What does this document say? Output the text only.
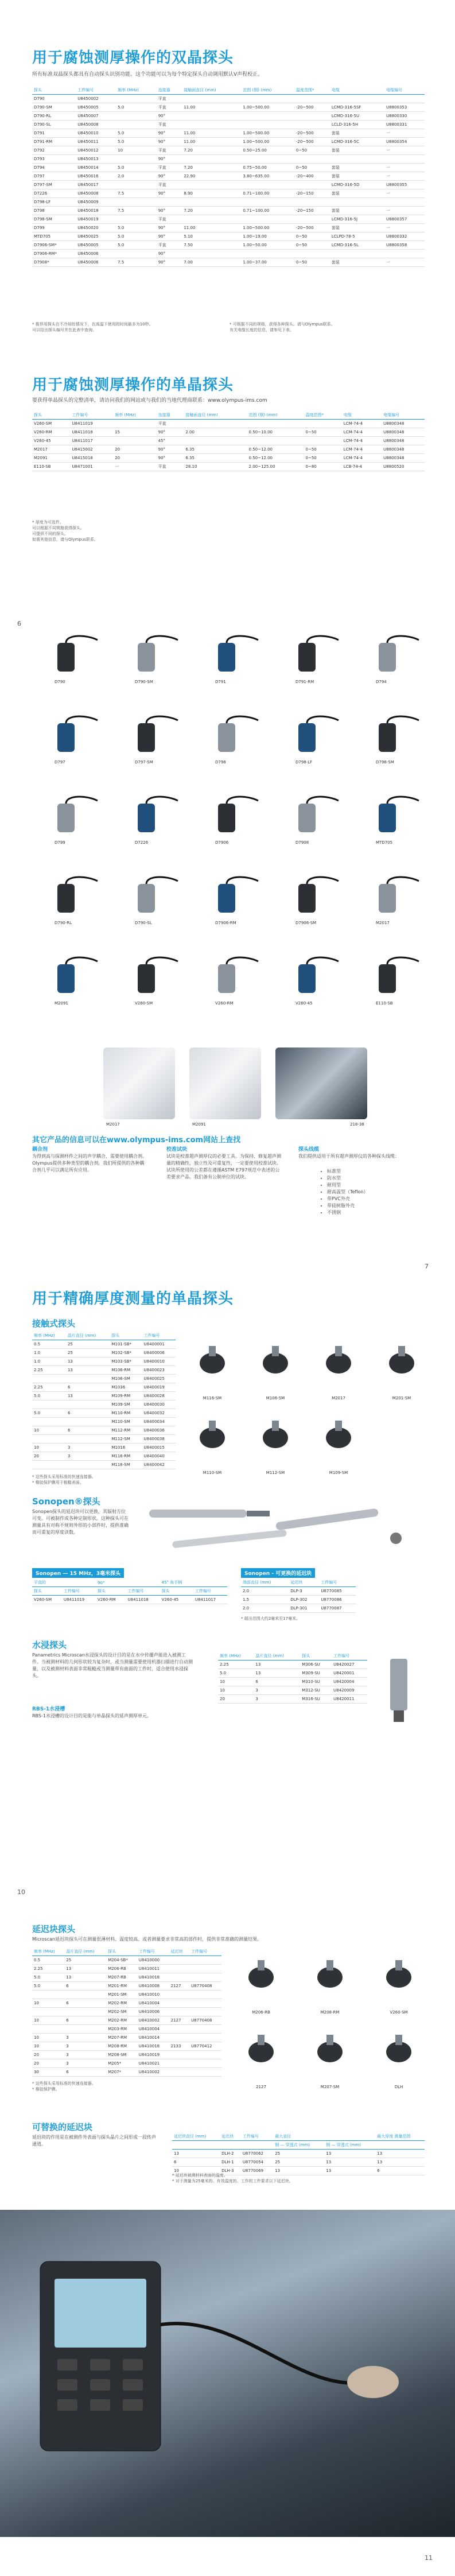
用于腐蚀测厚操作的双晶探头
所有标准双晶探头都具有自动探头识别功能。这个功能可以为每个特定探头自动调用默认V声程校正。
探头	工件编号	频率 (MHz)	连接器	接触面直径 (mm)	范围 (钢) (mm)	温度范围*	电缆	电缆编号
D790	U8450002		平直					
D790-SM	U8450005	5.0	平直	11.00	1.00~500.00	-20~500	LCMD-316-5SF	U8800353
D790-RL	U8450007		90°				LCMD-316-5U	U8800330
D790-SL	U8450008		平直				LCLD-316-5H	U8800331
D791	U8450010	5.0	90°	11.00	1.00~500.00	-20~500	套装	一
D791-RM	U8450011	5.0	90°	11.00	1.00~500.00	-20~500	LCMD-316-5C	U8800354
D792	U8450012	10	平直	7.20	0.50~25.00	0~50	套装	一
D793	U8450013		90°					
D794	U8450014	5.0	平直	7.20	0.75~50.00	0~50	套装	一
D797	U8450016	2.0	90°	22.90	3.80~635.00	-20~400	套装	一
D797-SM	U8450017		平直				LCMD-316-5D	U8800355
D7226	U8450008	7.5	90°	8.90	0.71~100.00	-20~150	套装	一
D798-LF	U8450009							
D798	U8450018	7.5	90°	7.20	0.71~100.00	-20~150	套装	一
D798-SM	U8450019		平直				LCMD-316-5J	U8800357
D799	U8450020	5.0	90°	11.00	1.00~500.00	-20~500	套装	一
MTD705	U8450025	5.0	90°	5.10	1.00~19.00	0~50	LCLPD-78-5	U8800332
D7906-SM*	U8450005	5.0	平直	7.50	1.00~50.00	0~50	LCMD-316-5L	U8800358
D7906-RM*	U8450006		90°					
D7908*	U8450006	7.5	90°	7.00	1.00~37.00	0~50	套装	一
* 推荐用探头在不冷却的情况下，在高温下使用的时间最多为10秒。
可以给出探头编号并在此表中查询。
* 可根据不同的规格，获得各种探头。请与Olympus联系。
有关电缆长度的信息，请参见下表。
用于腐蚀测厚操作的单晶探头
要获得单晶探头的完整清单，请访问我们的网站或与我们的当地代理商联系：www.olympus-ims.com
探头	工件编号	频率 (MHz)	连接器	接触面直径 (mm)	范围 (钢) (mm)	温度范围*	电缆	电缆编号
V260-SM	U8411019		平直				LCM-74-4	U8800348
V260-RM	U8411018	15	90°	2.00	0.50~10.00	0~50	LCM-74-4	U8800348
V260-45	U8411017		45°				LCM-74-4	U8800348
M2017	U8415002	20	90°	6.35	0.50~12.00	0~50	LCM-74-4	U8800348
M2091	U8415018	20	90°	6.35	0.50~12.00	0~50	LCM-74-4	U8800348
E110-SB	U8471001	一	平直	28.10	2.00~125.00	0~80	LCB-74-4	U8800520
* 厚度为可选件。
可以根据不同规格获得探头。
可提供不同的探头。
如需其他信息，请与Olympus联系。
6
D790	D790-SM	D791	D791-RM	D794
D797	D797-SM	D798	D798-LF	D798-SM
D799	D7226	D7906	D7908	MTD705
D790-RL	D790-SL	D7906-RM	D7906-SM	M2017
M2091	V260-SM	V260-RM	V260-45	E110-SB
M2017	M2091	218-38
其它产品的信息可以在www.olympus-ims.com网站上查找
耦合剂
为得到高与探测样件之间的声学耦合，需要使用耦合剂。Olympus提供多种类型的耦合剂。我们所提供的各种耦合剂几乎可以满足所有应用。
校准试块
试块是校准超声测厚仪的必要工具。为保持、修复超声测量的精确性，独立性及可重复性，一定要使用校准试块。试块所使用的公差都在遵循ASTM E797规范中表述的公差要求产品。我们备有公制单位的试块。
探头线缆
我们提供适用于所有超声测厚仪的各种探头线缆：
• 标准型
• 防水型
• 耐用型
• 耐高温型（Teflon）
• 带PVC外壳
• 带硅树脂外壳
• 不锈钢
7
用于精确厚度测量的单晶探头
接触式探头
频率 (MHz)	晶片直径 (mm)	探头	工件编号
0.5	25	M101-SB*	U8400001
1.0	25	M102-SB*	U8400006
1.0	13	M103-SB*	U8400010
2.25	13	M106-RM	U8400023
		M106-SM	U8400025
2.25	6	M1036	U8400019
5.0	13	M109-RM	U8400028
		M109-SM	U8400030
5.0	6	M110-RM	U8400032
		M110-SM	U8400034
10	6	M112-RM	U8400036
		M112-SM	U8400038
10	3	M1016	U8400015
20	3	M116-RM	U8400040
		M116-SM	U8400042
* 这些探头采用标准的快速连接器。
* 橡胶保护膜用于粗糙表面。
M116-SM	M106-SM	M2017	M201-SM
M110-SM	M112-SM	M109-SM
Sonopen®探头
Sonopen探头的延迟块可以更换，其辐射方位可变。可被制作成各种定制形状。这种探头可在测量具有对称不规则外形的小部件时，提供准确而可重复的厚度读数。
Sonopen — 15 MHz，3毫米探头	Sonopen - 可更换的延迟块
平直的		90°		45° 角手柄	
探头	工件编号	探头	工件编号	探头	工件编号
V260-SM	U8411019	V260-RM	U8411018	V260-45	U8411017
端部直径 (mm)	延迟块	工件编号
2.0	DLP-3	U8770085
1.5	DLP-302	U8770086
2.0	DLP-301	U8770087
* 超出范围大约2毫米至17毫米。
水浸探头
Panametrics Microscan水浸探头的设计目的是在水中传播声能进入被测工件。当被测材料的几何形状较为复杂时，或当测量需要使用机器扫描进行自动测量，以及被测材料表面非常粗糙或当测量带有曲面的工件时，适合使用水浸探头。
RBS-1水浸槽
RBS-1水浸槽的设计目的是能与单晶探头的延声测厚单元。
频率 (MHz)	晶片直径 (mm)	探头	工件编号
2.25	13	M306-SU	U8420027
5.0	13	M309-SU	U8420001
10	6	M310-SU	U8420004
10	3	M312-SU	U8420009
20	3	M316-SU	U8420011
10
延迟块探头
Microscan延迟块探头可在测量很薄材料、温度较高、或者测量要求非常高的部件时，提供非常准确的测量结果。
频率 (MHz)	晶片直径 (mm)	探头	工件编号	延迟块	工件编号
0.5	25	M204-SB*	U8410000		
2.25	13	M206-RB	U8410011		
5.0	13	M207-RB	U8410018		
5.0	6	M201-RM	U8410008	2127	U8770408
		M201-SM	U8410010		
10	6	M202-RM	U8410004		
		M202-SM	U8410006		
10	6	M202-RM	U8410002	2127	U8770408
		M203-RM	U8410004		
10	3	M207-RM	U8410014		
10	3	M208-RM	U8410018	2133	U8770412
20	3	M208-SM	U8410019		
20	3	M205*	U8410021		
30	6	M207*	U8410002		
* 这些探头采用标准的快速连接器。
* 橡胶保护膜。
M206-RB	M208-RM	V260-SM
2127	M207-SM	DLH
可替换的延迟块
延迟块的作用是在被测件外表面与探头晶片之间形成一段传声通道。
延迟块直径 (mm)	延迟块	工件编号	最大直径		最大厚度 测量范围
			钢 — 穿透式 (mm)	钢 — 穿透式 (mm)	
13	DLH-2	U8770062	25	13	13
6	DLH-1	U8770054	25	13	13
10	DLH-3	U8770069	13	13	6
* 延迟块被测材料表面的温度。
* 对于测量为25毫米的、有效温度的、工作的工件要求以下延迟块。
11
